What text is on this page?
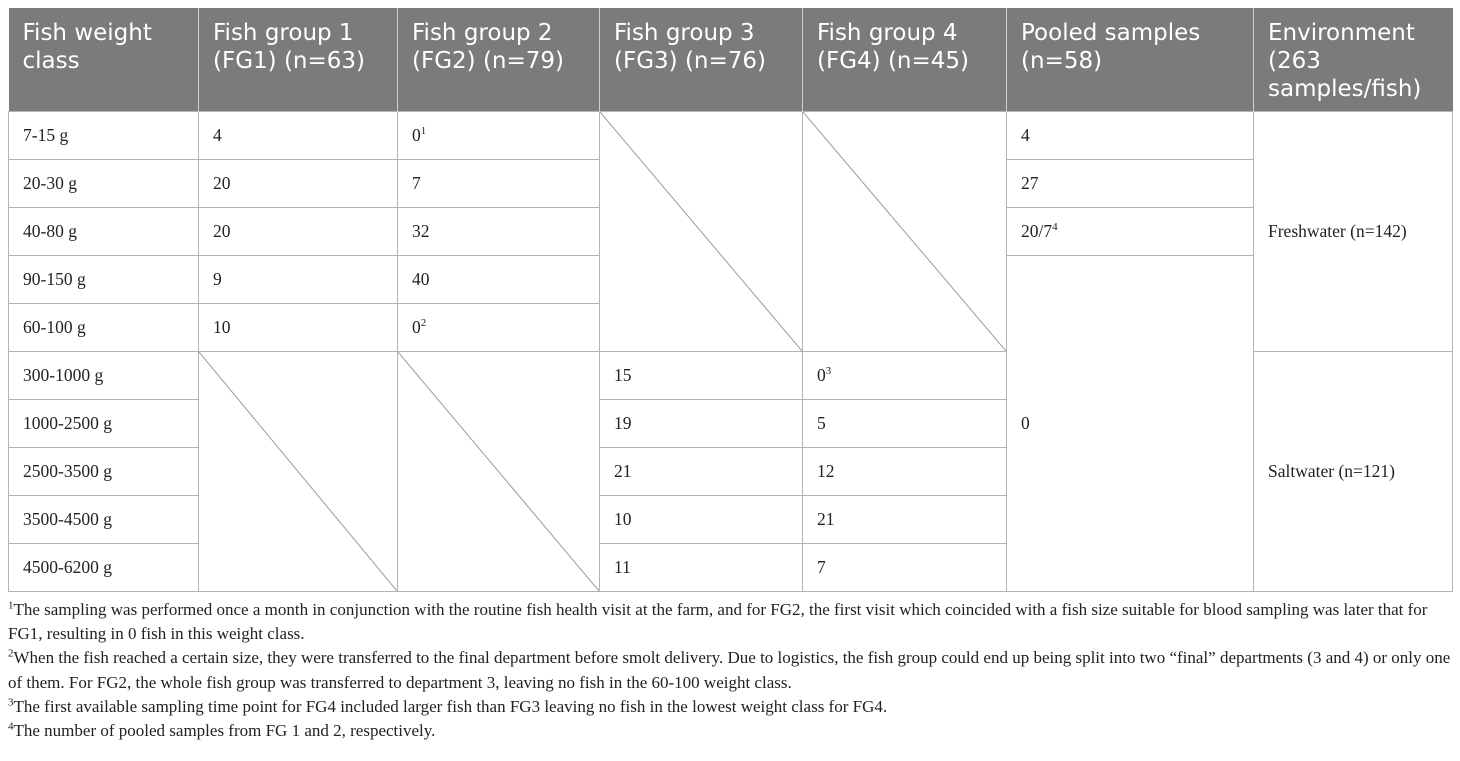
Fish weight class	Fish group 1 (FG1) (n=63)	Fish group 2 (FG2) (n=79)	Fish group 3 (FG3) (n=76)	Fish group 4 (FG4) (n=45)	Pooled samples (n=58)	Environment (263 samples/fish)
7-15 g	4	$0^1$			4	Freshwater (n=142)
20-30 g	20	7			27	
40-80 g	20	32			$20/7^4$
90-150 g	9	40			0	
60-100 g	10	$0^2$
300-1000 g			15	$0^3$		Saltwater (n=121)
1000-2500 g			19	5		
2500-3500 g			21	12		
3500-4500 g			10	21		
4500-6200 g			11	7		

$^1$The sampling was performed once a month in conjunction with the routine fish health visit at the farm, and for FG2, the first visit which coincided with a fish size suitable for blood sampling was later that for FG1, resulting in 0 fish in this weight class.

$^2$When the fish reached a certain size, they were transferred to the final department before smolt delivery. Due to logistics, the fish group could end up being split into two “final” departments (3 and 4) or only one of them. For FG2, the whole fish group was transferred to department 3, leaving no fish in the 60-100 weight class.

$^3$The first available sampling time point for FG4 included larger fish than FG3 leaving no fish in the lowest weight class for FG4.

$^4$The number of pooled samples from FG 1 and 2, respectively.
